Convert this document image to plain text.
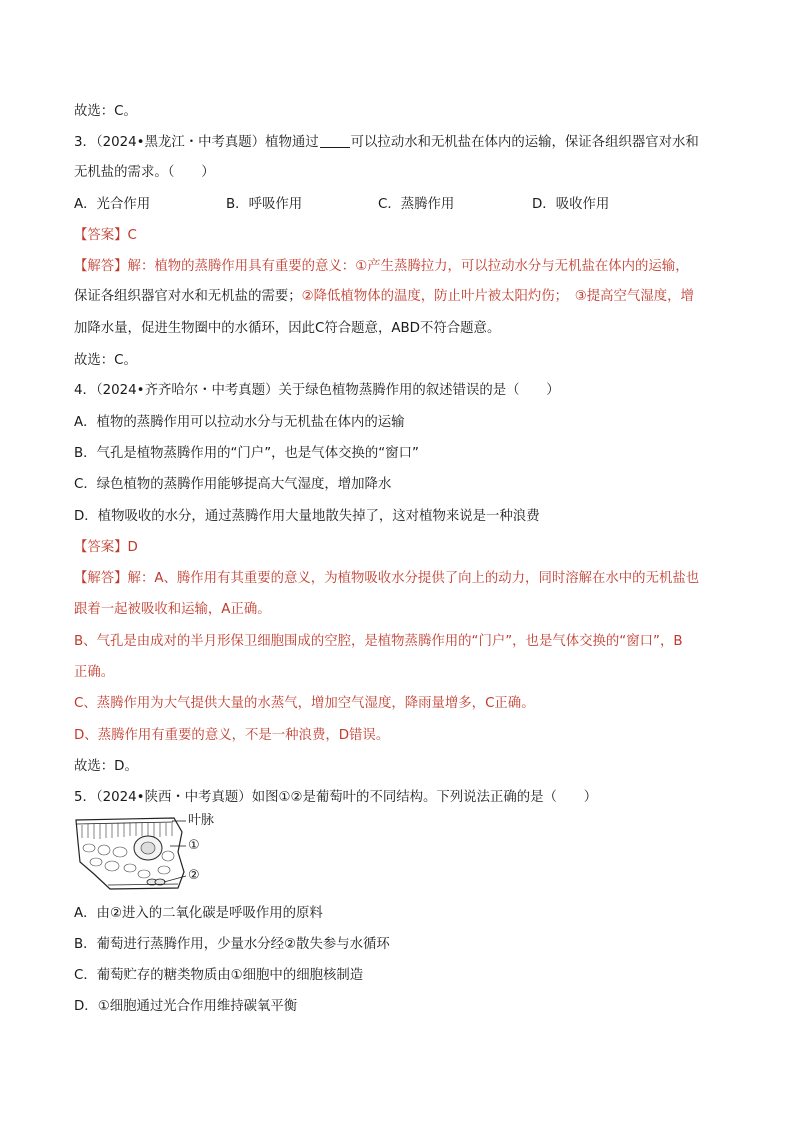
故选：C。
3．（2024•黑龙江・中考真题）植物通过 可以拉动水和无机盐在体内的运输，保证各组织器官对水和
无机盐的需求。（　　）
A．光合作用	B．呼吸作用	C．蒸腾作用	D．吸收作用
【答案】C
【解答】解：植物的蒸腾作用具有重要的意义：①产生蒸腾拉力，可以拉动水分与无机盐在体内的运输，
保证各组织器官对水和无机盐的需要；②降低植物体的温度，防止叶片被太阳灼伤；　③提高空气湿度，增
加降水量，促进生物圈中的水循环，因此C符合题意，ABD不符合题意。
故选：C。
4．（2024•齐齐哈尔・中考真题）关于绿色植物蒸腾作用的叙述错误的是（　　）
A．植物的蒸腾作用可以拉动水分与无机盐在体内的运输
B．气孔是植物蒸腾作用的“门户”，也是气体交换的“窗口”
C．绿色植物的蒸腾作用能够提高大气湿度，增加降水
D．植物吸收的水分，通过蒸腾作用大量地散失掉了，这对植物来说是一种浪费
【答案】D
【解答】解：A、腾作用有其重要的意义，为植物吸收水分提供了向上的动力，同时溶解在水中的无机盐也
跟着一起被吸收和运输，A正确。
B、气孔是由成对的半月形保卫细胞围成的空腔，是植物蒸腾作用的“门户”，也是气体交换的“窗口”，B
正确。
C、蒸腾作用为大气提供大量的水蒸气，增加空气湿度，降雨量增多，C正确。
D、蒸腾作用有重要的意义，不是一种浪费，D错误。
故选：D。
5．（2024•陕西・中考真题）如图①②是葡萄叶的不同结构。下列说法正确的是（　　）
叶脉
①
②
A．由②进入的二氧化碳是呼吸作用的原料
B．葡萄进行蒸腾作用，少量水分经②散失参与水循环
C．葡萄贮存的糖类物质由①细胞中的细胞核制造
D．①细胞通过光合作用维持碳氧平衡
